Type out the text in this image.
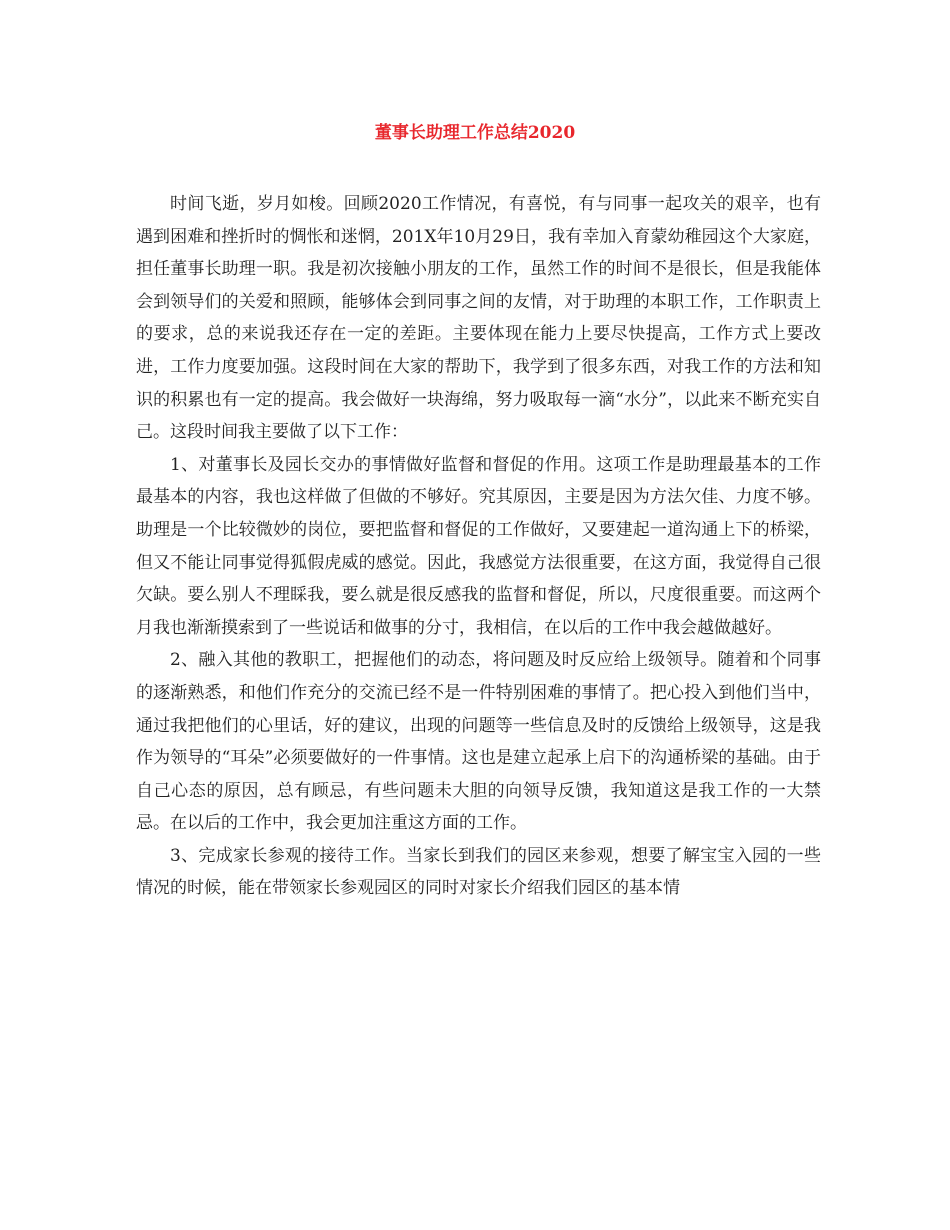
董事长助理工作总结2020

时间飞逝，岁月如梭。回顾2020工作情况，有喜悦，有与同事一起攻关的艰辛，也有遇到困难和挫折时的惆怅和迷惘，201X年10月29日，我有幸加入育蒙幼稚园这个大家庭，担任董事长助理一职。我是初次接触小朋友的工作，虽然工作的时间不是很长，但是我能体会到领导们的关爱和照顾，能够体会到同事之间的友情，对于助理的本职工作，工作职责上的要求，总的来说我还存在一定的差距。主要体现在能力上要尽快提高，工作方式上要改进，工作力度要加强。这段时间在大家的帮助下，我学到了很多东西，对我工作的方法和知识的积累也有一定的提高。我会做好一块海绵，努力吸取每一滴“水分”，以此来不断充实自己。这段时间我主要做了以下工作：

1、对董事长及园长交办的事情做好监督和督促的作用。这项工作是助理最基本的工作最基本的内容，我也这样做了但做的不够好。究其原因，主要是因为方法欠佳、力度不够。助理是一个比较微妙的岗位，要把监督和督促的工作做好，又要建起一道沟通上下的桥梁，但又不能让同事觉得狐假虎威的感觉。因此，我感觉方法很重要，在这方面，我觉得自己很欠缺。要么别人不理睬我，要么就是很反感我的监督和督促，所以，尺度很重要。而这两个月我也渐渐摸索到了一些说话和做事的分寸，我相信，在以后的工作中我会越做越好。

2、融入其他的教职工，把握他们的动态，将问题及时反应给上级领导。随着和个同事的逐渐熟悉，和他们作充分的交流已经不是一件特别困难的事情了。把心投入到他们当中，通过我把他们的心里话，好的建议，出现的问题等一些信息及时的反馈给上级领导，这是我作为领导的“耳朵”必须要做好的一件事情。这也是建立起承上启下的沟通桥梁的基础。由于自己心态的原因，总有顾忌，有些问题未大胆的向领导反馈，我知道这是我工作的一大禁忌。在以后的工作中，我会更加注重这方面的工作。

3、完成家长参观的接待工作。当家长到我们的园区来参观，想要了解宝宝入园的一些情况的时候，能在带领家长参观园区的同时对家长介绍我们园区的基本情
